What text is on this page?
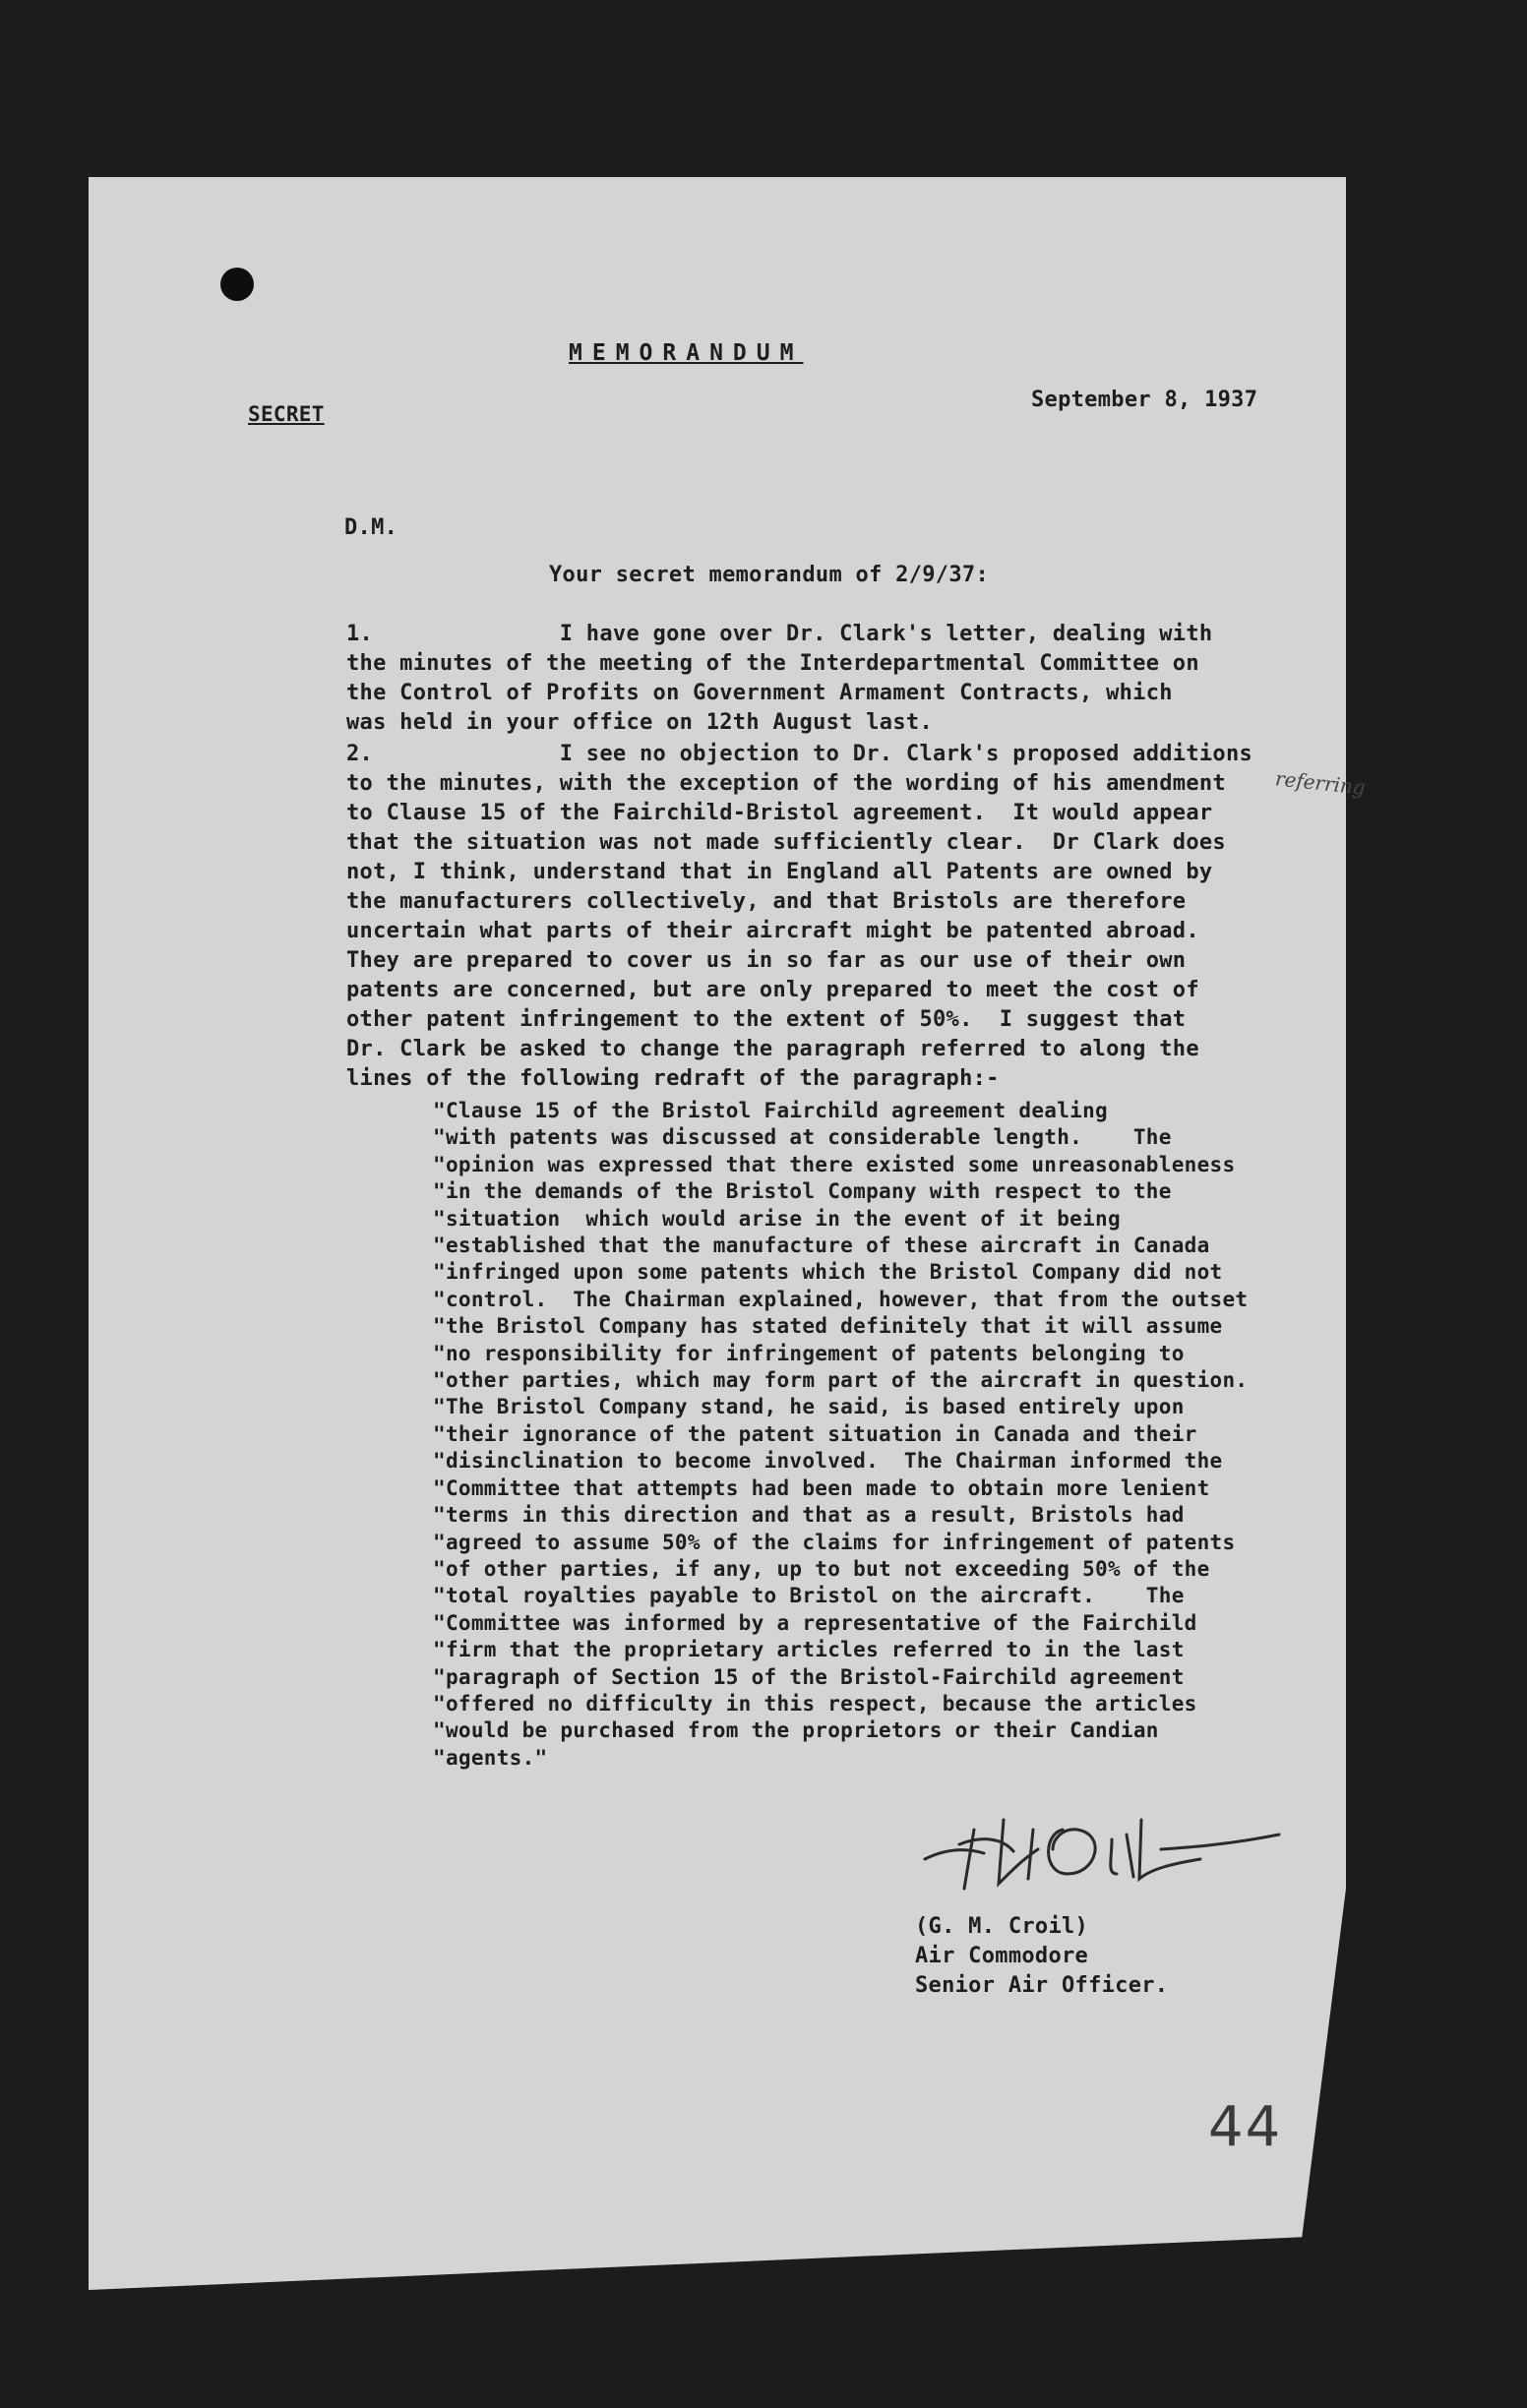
MEMORANDUM

SECRET

September 8, 1937

D.M.

Your secret memorandum of 2/9/37:

1.              I have gone over Dr. Clark's letter, dealing with
the minutes of the meeting of the Interdepartmental Committee on
the Control of Profits on Government Armament Contracts, which
was held in your office on 12th August last.

2.              I see no objection to Dr. Clark's proposed additions
to the minutes, with the exception of the wording of his amendment
to Clause 15 of the Fairchild-Bristol agreement.  It would appear
that the situation was not made sufficiently clear.  Dr Clark does
not, I think, understand that in England all Patents are owned by
the manufacturers collectively, and that Bristols are therefore
uncertain what parts of their aircraft might be patented abroad.
They are prepared to cover us in so far as our use of their own
patents are concerned, but are only prepared to meet the cost of
other patent infringement to the extent of 50%.  I suggest that
Dr. Clark be asked to change the paragraph referred to along the
lines of the following redraft of the paragraph:-

referring

"Clause 15 of the Bristol Fairchild agreement dealing
"with patents was discussed at considerable length.    The
"opinion was expressed that there existed some unreasonableness
"in the demands of the Bristol Company with respect to the
"situation  which would arise in the event of it being
"established that the manufacture of these aircraft in Canada
"infringed upon some patents which the Bristol Company did not
"control.  The Chairman explained, however, that from the outset
"the Bristol Company has stated definitely that it will assume
"no responsibility for infringement of patents belonging to
"other parties, which may form part of the aircraft in question.
"The Bristol Company stand, he said, is based entirely upon
"their ignorance of the patent situation in Canada and their
"disinclination to become involved.  The Chairman informed the
"Committee that attempts had been made to obtain more lenient
"terms in this direction and that as a result, Bristols had
"agreed to assume 50% of the claims for infringement of patents
"of other parties, if any, up to but not exceeding 50% of the
"total royalties payable to Bristol on the aircraft.    The
"Committee was informed by a representative of the Fairchild
"firm that the proprietary articles referred to in the last
"paragraph of Section 15 of the Bristol-Fairchild agreement
"offered no difficulty in this respect, because the articles
"would be purchased from the proprietors or their Candian
"agents."

(G. M. Croil)
Air Commodore
Senior Air Officer.

44
